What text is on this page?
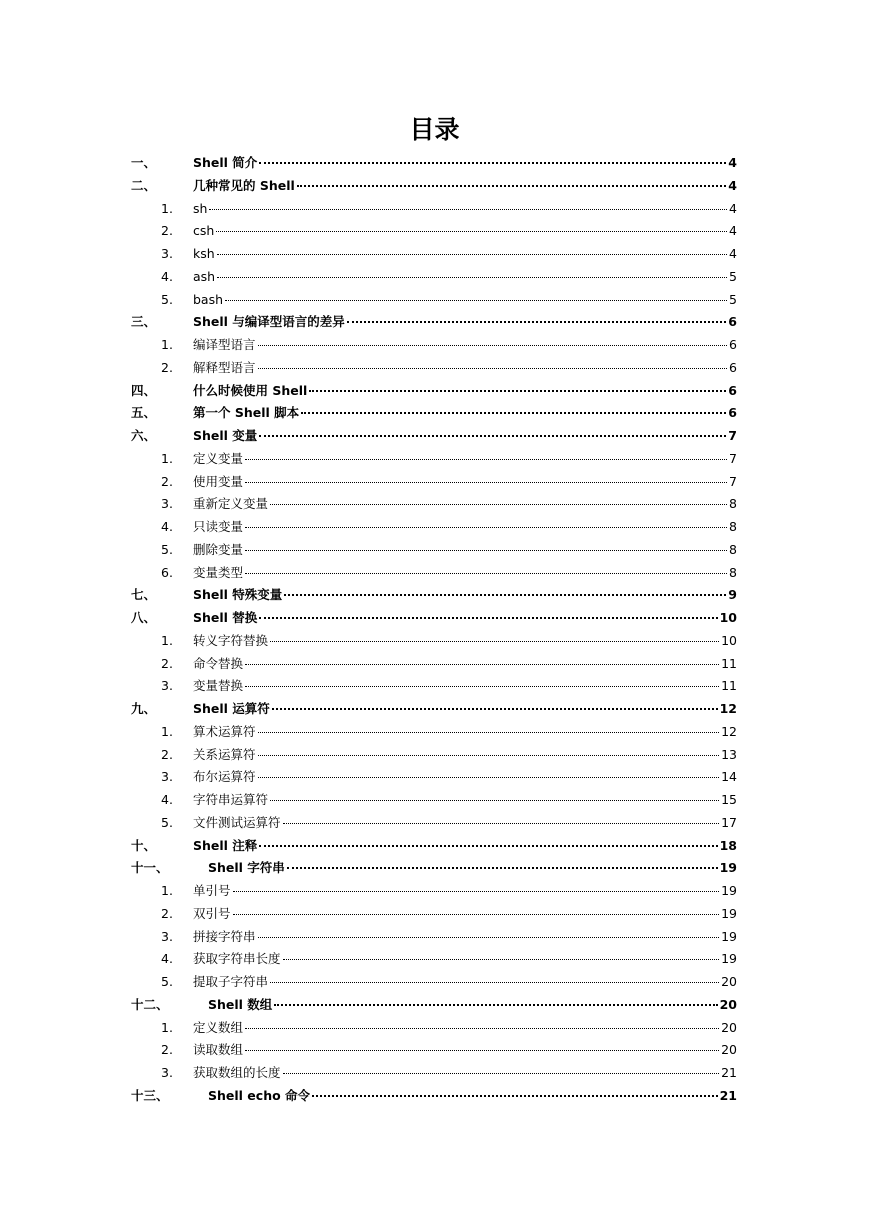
目录
一、	Shell 简介	4
二、	几种常见的 Shell	4
1.	sh	4
2.	csh	4
3.	ksh	4
4.	ash	5
5.	bash	5
三、	Shell 与编译型语言的差异	6
1.	编译型语言	6
2.	解释型语言	6
四、	什么时候使用 Shell	6
五、	第一个 Shell 脚本	6
六、	Shell 变量	7
1.	定义变量	7
2.	使用变量	7
3.	重新定义变量	8
4.	只读变量	8
5.	删除变量	8
6.	变量类型	8
七、	Shell 特殊变量	9
八、	Shell 替换	10
1.	转义字符替换	10
2.	命令替换	11
3.	变量替换	11
九、	Shell 运算符	12
1.	算术运算符	12
2.	关系运算符	13
3.	布尔运算符	14
4.	字符串运算符	15
5.	文件测试运算符	17
十、	Shell 注释	18
十一、	Shell 字符串	19
1.	单引号	19
2.	双引号	19
3.	拼接字符串	19
4.	获取字符串长度	19
5.	提取子字符串	20
十二、	Shell 数组	20
1.	定义数组	20
2.	读取数组	20
3.	获取数组的长度	21
十三、	Shell echo 命令	21
